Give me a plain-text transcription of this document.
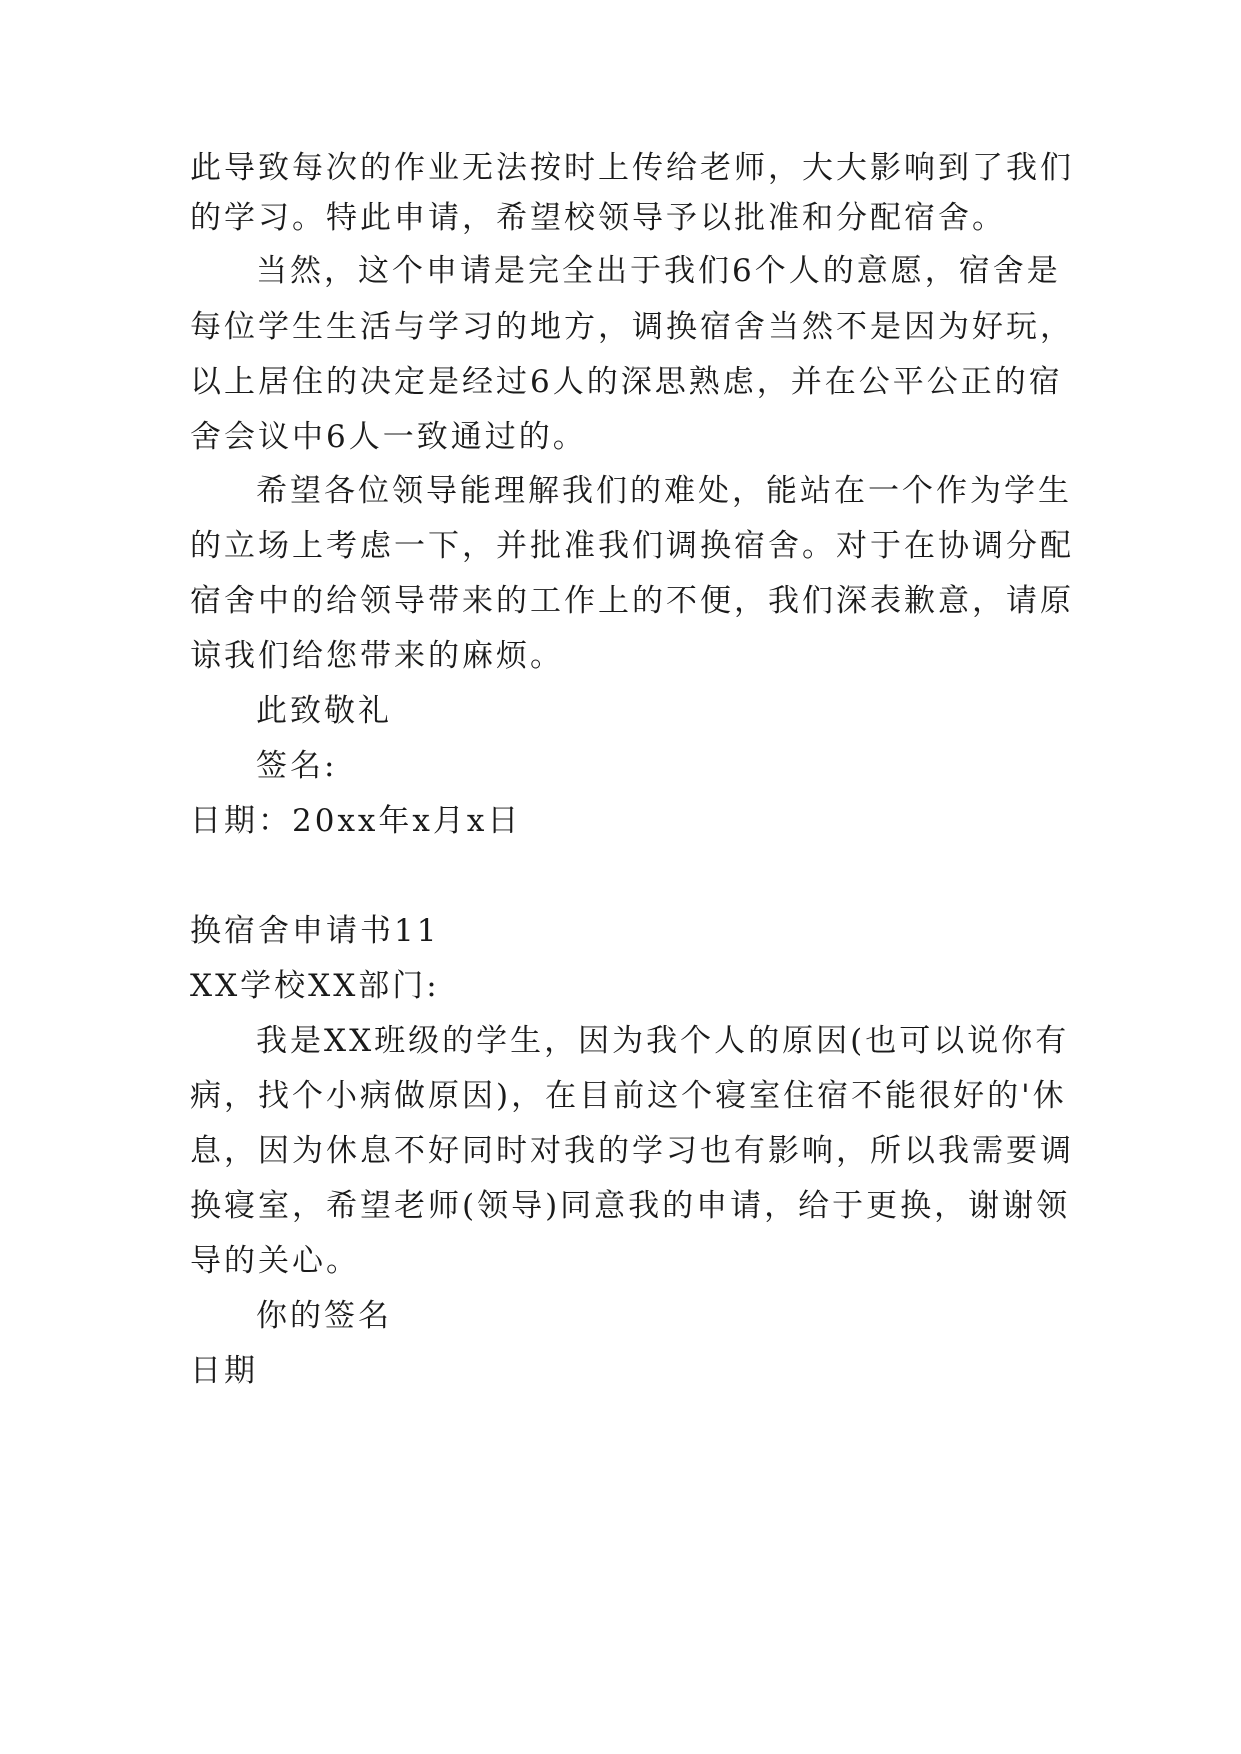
此导致每次的作业无法按时上传给老师，大大影响到了我们

的学习。特此申请，希望校领导予以批准和分配宿舍。

当然，这个申请是完全出于我们6个人的意愿，宿舍是

每位学生生活与学习的地方，调换宿舍当然不是因为好玩，

以上居住的决定是经过6人的深思熟虑，并在公平公正的宿

舍会议中6人一致通过的。

希望各位领导能理解我们的难处，能站在一个作为学生

的立场上考虑一下，并批准我们调换宿舍。对于在协调分配

宿舍中的给领导带来的工作上的不便，我们深表歉意，请原

谅我们给您带来的麻烦。

此致敬礼

签名:

日期：20xx年x月x日

换宿舍申请书11

XX学校XX部门:

我是XX班级的学生，因为我个人的原因(也可以说你有

病，找个小病做原因)，在目前这个寝室住宿不能很好的'休

息，因为休息不好同时对我的学习也有影响，所以我需要调

换寝室，希望老师(领导)同意我的申请，给于更换，谢谢领

导的关心。

你的签名

日期
